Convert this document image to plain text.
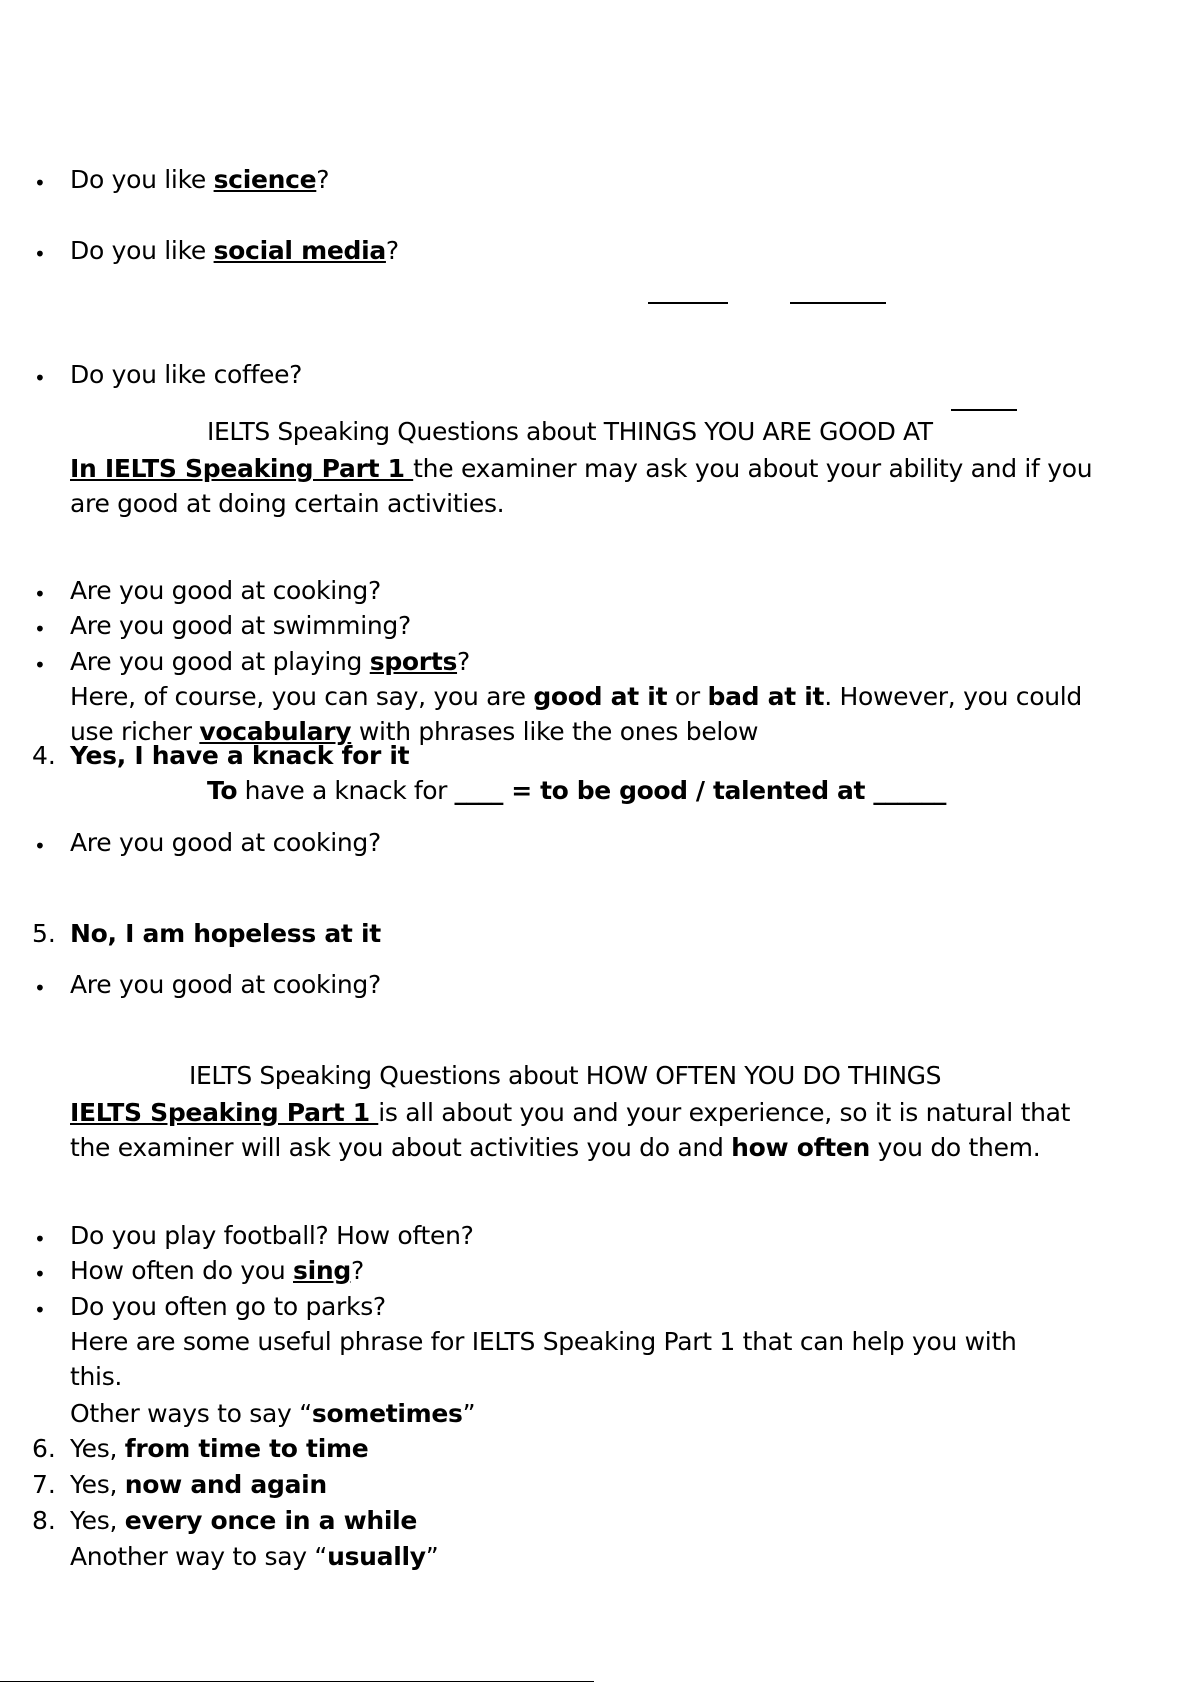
• Do you like science?
• Do you like social media?
• Do you like coffee?
IELTS Speaking Questions about THINGS YOU ARE GOOD AT
In IELTS Speaking Part 1 the examiner may ask you about your ability and if you
are good at doing certain activities.
• Are you good at cooking?
• Are you good at swimming?
• Are you good at playing sports?
Here, of course, you can say, you are good at it or bad at it. However, you could
use richer vocabulary with phrases like the ones below
4. Yes, I have a knack for it
To have a knack for ____ = to be good / talented at ______
• Are you good at cooking?
5. No, I am hopeless at it
• Are you good at cooking?
IELTS Speaking Questions about HOW OFTEN YOU DO THINGS
IELTS Speaking Part 1 is all about you and your experience, so it is natural that
the examiner will ask you about activities you do and how often you do them.
• Do you play football? How often?
• How often do you sing?
• Do you often go to parks?
Here are some useful phrase for IELTS Speaking Part 1 that can help you with
this.
Other ways to say “sometimes”
6. Yes, from time to time
7. Yes, now and again
8. Yes, every once in a while
Another way to say “usually”
